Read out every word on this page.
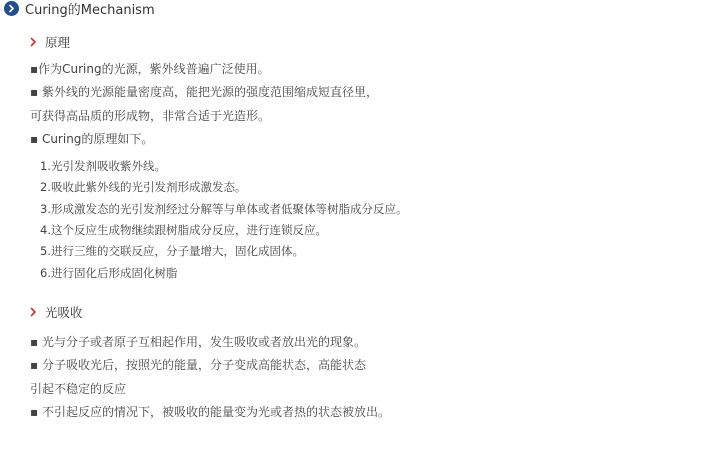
Curing的Mechanism
原理
▪作为Curing的光源，紫外线普遍广泛使用。
▪ 紫外线的光源能量密度高，能把光源的强度范围缩成短直径里，
可获得高品质的形成物，非常合适于光造形。
▪ Curing的原理如下。
1.光引发剂吸收紫外线。
2.吸收此紫外线的光引发剂形成激发态。
3.形成激发态的光引发剂经过分解等与单体或者低聚体等树脂成分反应。
4.这个反应生成物继续跟树脂成分反应，进行连锁反应。
5.进行三维的交联反应，分子量增大，固化成固体。
6.进行固化后形成固化树脂
光吸收
▪ 光与分子或者原子互相起作用，发生吸收或者放出光的现象。
▪ 分子吸收光后，按照光的能量，分子变成高能状态，高能状态
引起不稳定的反应
▪ 不引起反应的情况下，被吸收的能量变为光或者热的状态被放出。
